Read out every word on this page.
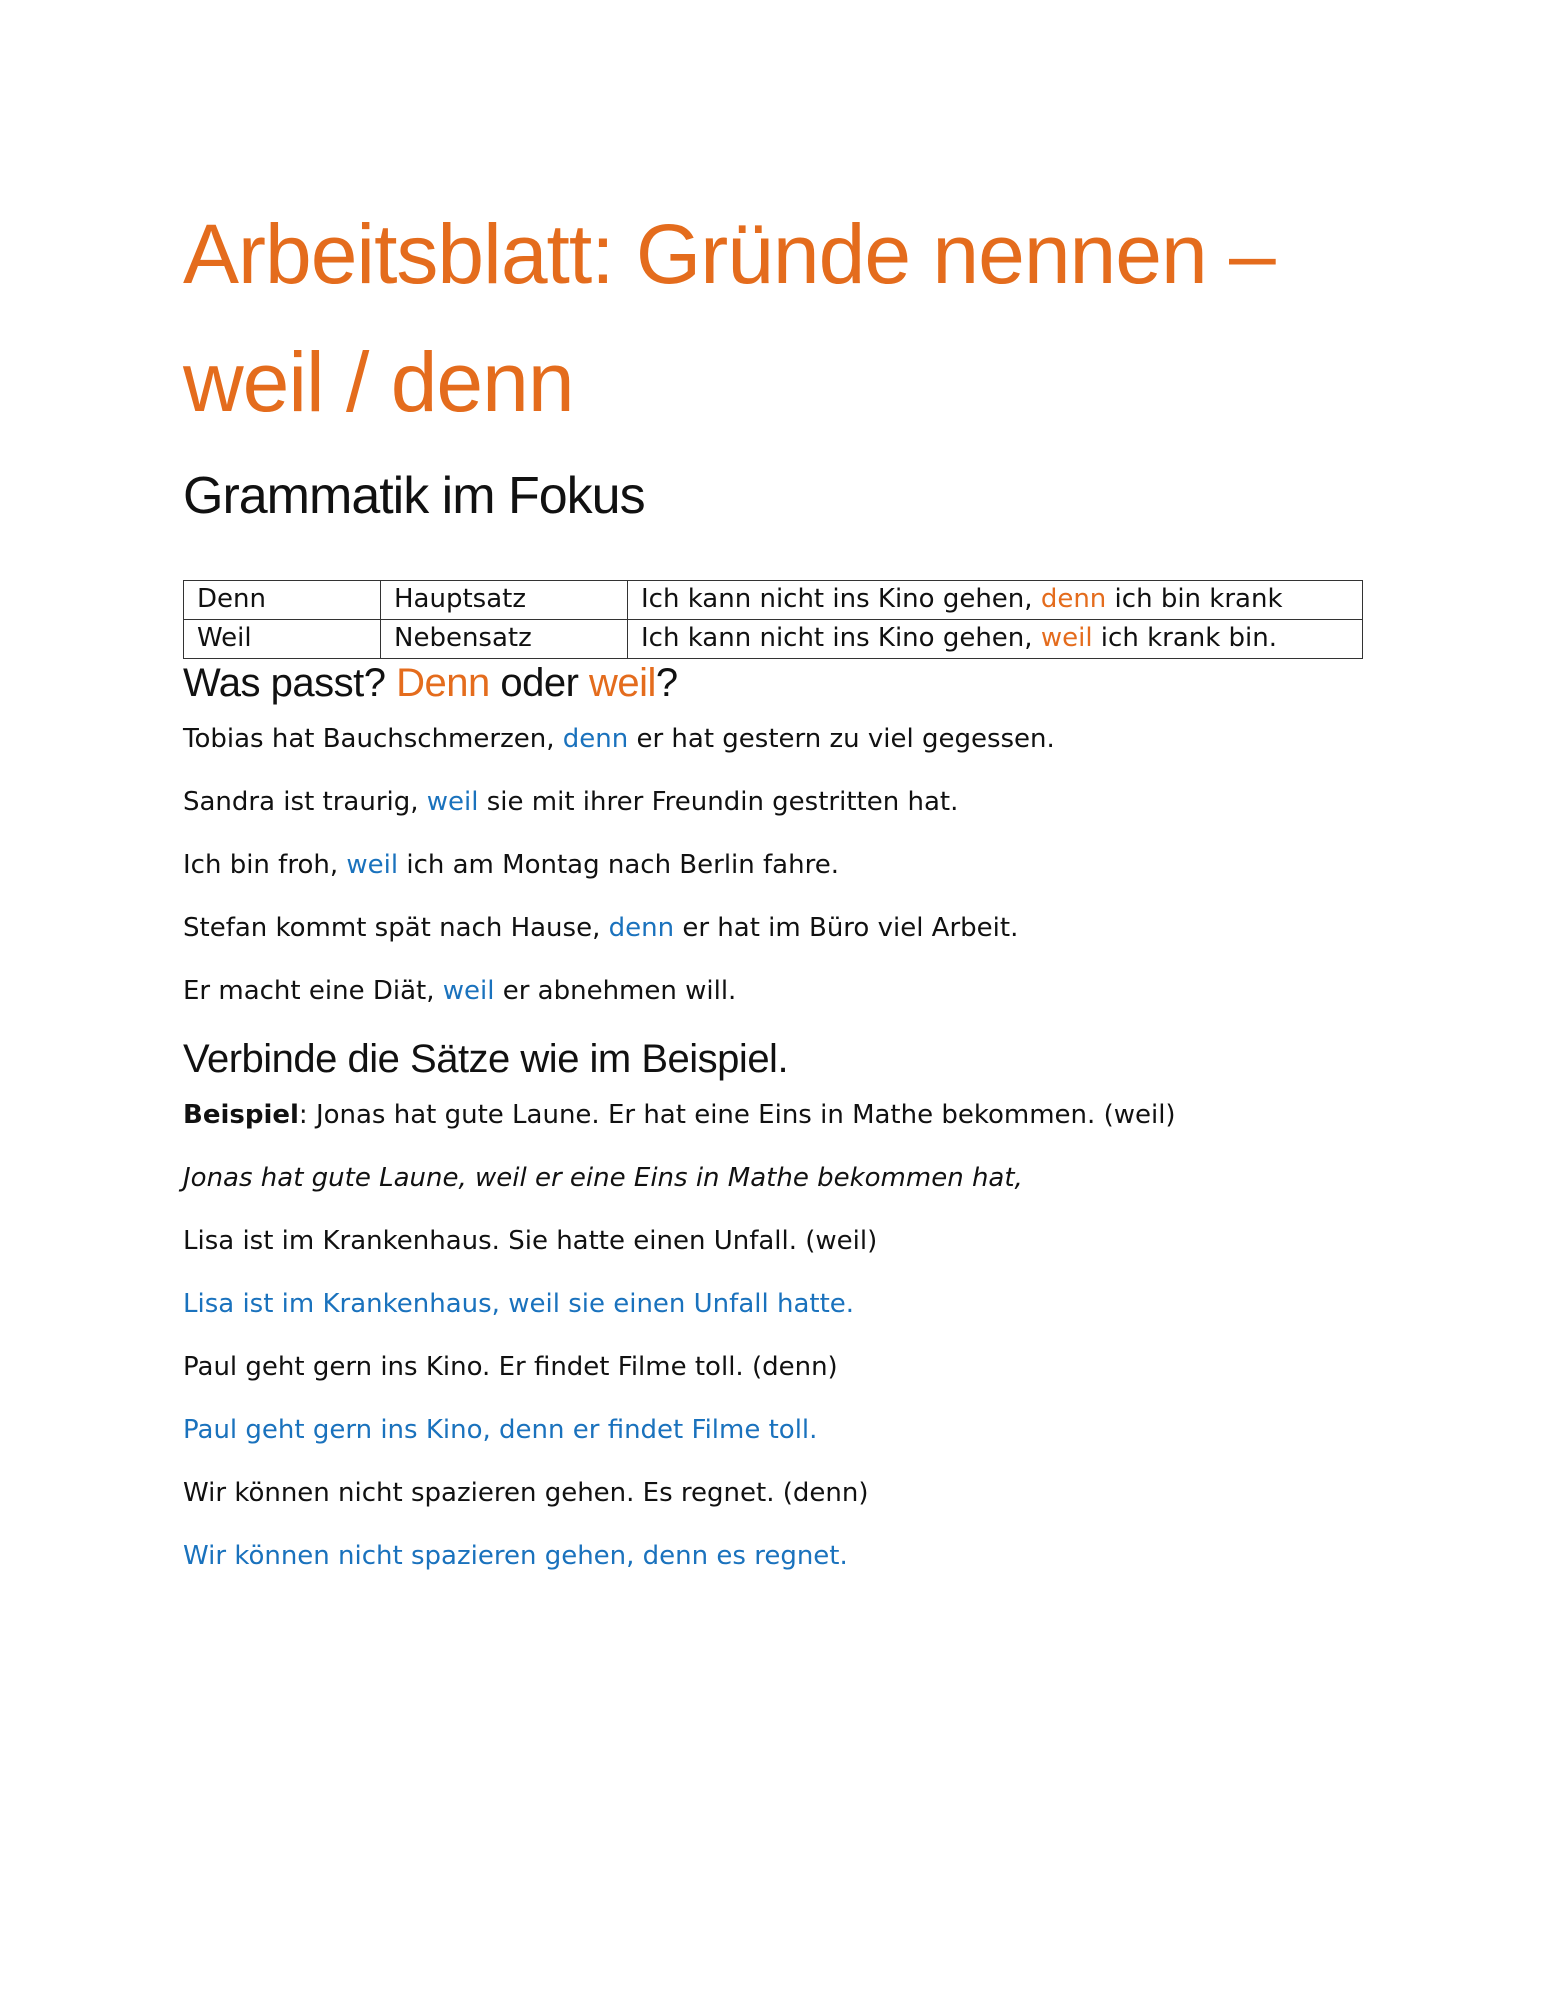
Arbeitsblatt: Gründe nennen –
weil / denn
Grammatik im Fokus
Denn	Hauptsatz	Ich kann nicht ins Kino gehen, denn ich bin krank
Weil	Nebensatz	Ich kann nicht ins Kino gehen, weil ich krank bin.
Was passt? Denn oder weil?

Tobias hat Bauchschmerzen, denn er hat gestern zu viel gegessen.

Sandra ist traurig, weil sie mit ihrer Freundin gestritten hat.

Ich bin froh, weil ich am Montag nach Berlin fahre.

Stefan kommt spät nach Hause, denn er hat im Büro viel Arbeit.

Er macht eine Diät, weil er abnehmen will.

Verbinde die Sätze wie im Beispiel.

Beispiel: Jonas hat gute Laune. Er hat eine Eins in Mathe bekommen. (weil)

Jonas hat gute Laune, weil er eine Eins in Mathe bekommen hat,

Lisa ist im Krankenhaus. Sie hatte einen Unfall. (weil)

Lisa ist im Krankenhaus, weil sie einen Unfall hatte.

Paul geht gern ins Kino. Er findet Filme toll. (denn)

Paul geht gern ins Kino, denn er findet Filme toll.

Wir können nicht spazieren gehen. Es regnet. (denn)

Wir können nicht spazieren gehen, denn es regnet.
